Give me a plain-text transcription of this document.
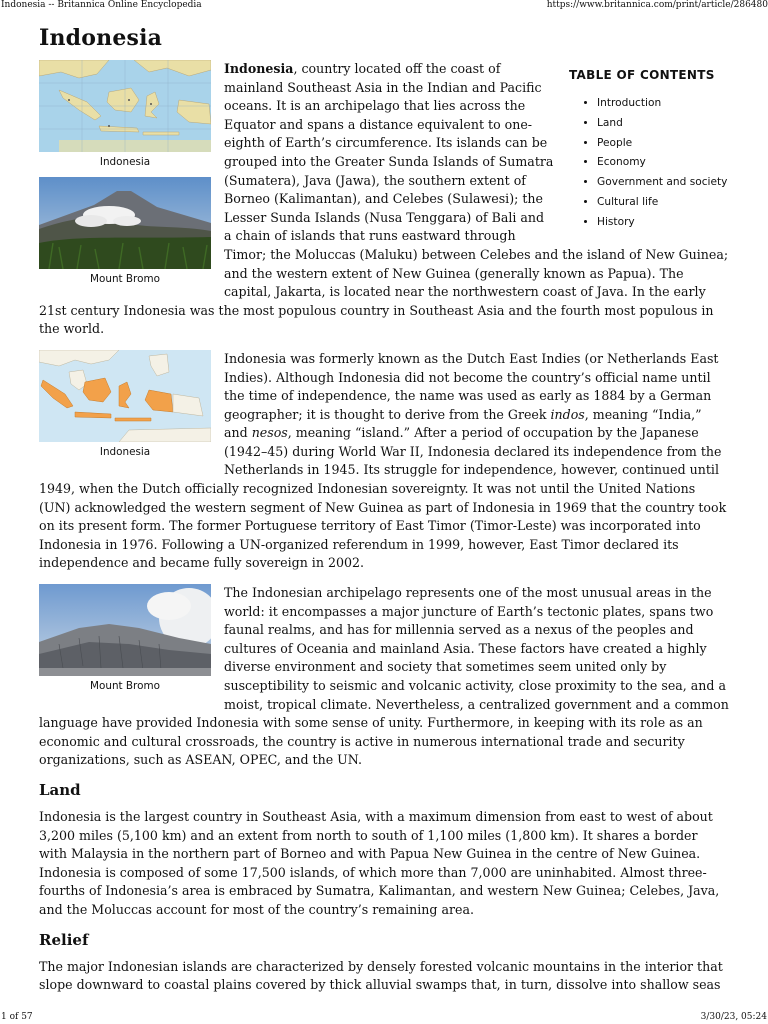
Indonesia -- Britannica Online Encyclopedia	https://www.britannica.com/print/article/286480
Indonesia
Indonesia
Mount Bromo
TABLE OF CONTENTS
• Introduction
• Land
• People
• Economy
• Government and society
• Cultural life
• History

Indonesia, country located off the coast of mainland Southeast Asia in the Indian and Pacific oceans. It is an archipelago that lies across the Equator and spans a distance equivalent to one-eighth of Earth’s circumference. Its islands can be grouped into the Greater Sunda Islands of Sumatra (Sumatera), Java (Jawa), the southern extent of Borneo (Kalimantan), and Celebes (Sulawesi); the Lesser Sunda Islands (Nusa Tenggara) of Bali and a chain of islands that runs eastward through Timor; the Moluccas (Maluku) between Celebes and the island of New Guinea; and the western extent of New Guinea (generally known as Papua). The capital, Jakarta, is located near the northwestern coast of Java. In the early 21st century Indonesia was the most populous country in Southeast Asia and the fourth most populous in the world.

Indonesia

Indonesia was formerly known as the Dutch East Indies (or Netherlands East Indies). Although Indonesia did not become the country’s official name until the time of independence, the name was used as early as 1884 by a German geographer; it is thought to derive from the Greek indos, meaning “India,” and nesos, meaning “island.” After a period of occupation by the Japanese (1942–45) during World War II, Indonesia declared its independence from the Netherlands in 1945. Its struggle for independence, however, continued until 1949, when the Dutch officially recognized Indonesian sovereignty. It was not until the United Nations (UN) acknowledged the western segment of New Guinea as part of Indonesia in 1969 that the country took on its present form. The former Portuguese territory of East Timor (Timor-Leste) was incorporated into Indonesia in 1976. Following a UN-organized referendum in 1999, however, East Timor declared its independence and became fully sovereign in 2002.

Mount Bromo

The Indonesian archipelago represents one of the most unusual areas in the world: it encompasses a major juncture of Earth’s tectonic plates, spans two faunal realms, and has for millennia served as a nexus of the peoples and cultures of Oceania and mainland Asia. These factors have created a highly diverse environment and society that sometimes seem united only by susceptibility to seismic and volcanic activity, close proximity to the sea, and a moist, tropical climate. Nevertheless, a centralized government and a common language have provided Indonesia with some sense of unity. Furthermore, in keeping with its role as an economic and cultural crossroads, the country is active in numerous international trade and security organizations, such as ASEAN, OPEC, and the UN.

Land

Indonesia is the largest country in Southeast Asia, with a maximum dimension from east to west of about 3,200 miles (5,100 km) and an extent from north to south of 1,100 miles (1,800 km). It shares a border with Malaysia in the northern part of Borneo and with Papua New Guinea in the centre of New Guinea. Indonesia is composed of some 17,500 islands, of which more than 7,000 are uninhabited. Almost three-fourths of Indonesia’s area is embraced by Sumatra, Kalimantan, and western New Guinea; Celebes, Java, and the Moluccas account for most of the country’s remaining area.

Relief

The major Indonesian islands are characterized by densely forested volcanic mountains in the interior that slope downward to coastal plains covered by thick alluvial swamps that, in turn, dissolve into shallow seas

1 of 57	3/30/23, 05:24
